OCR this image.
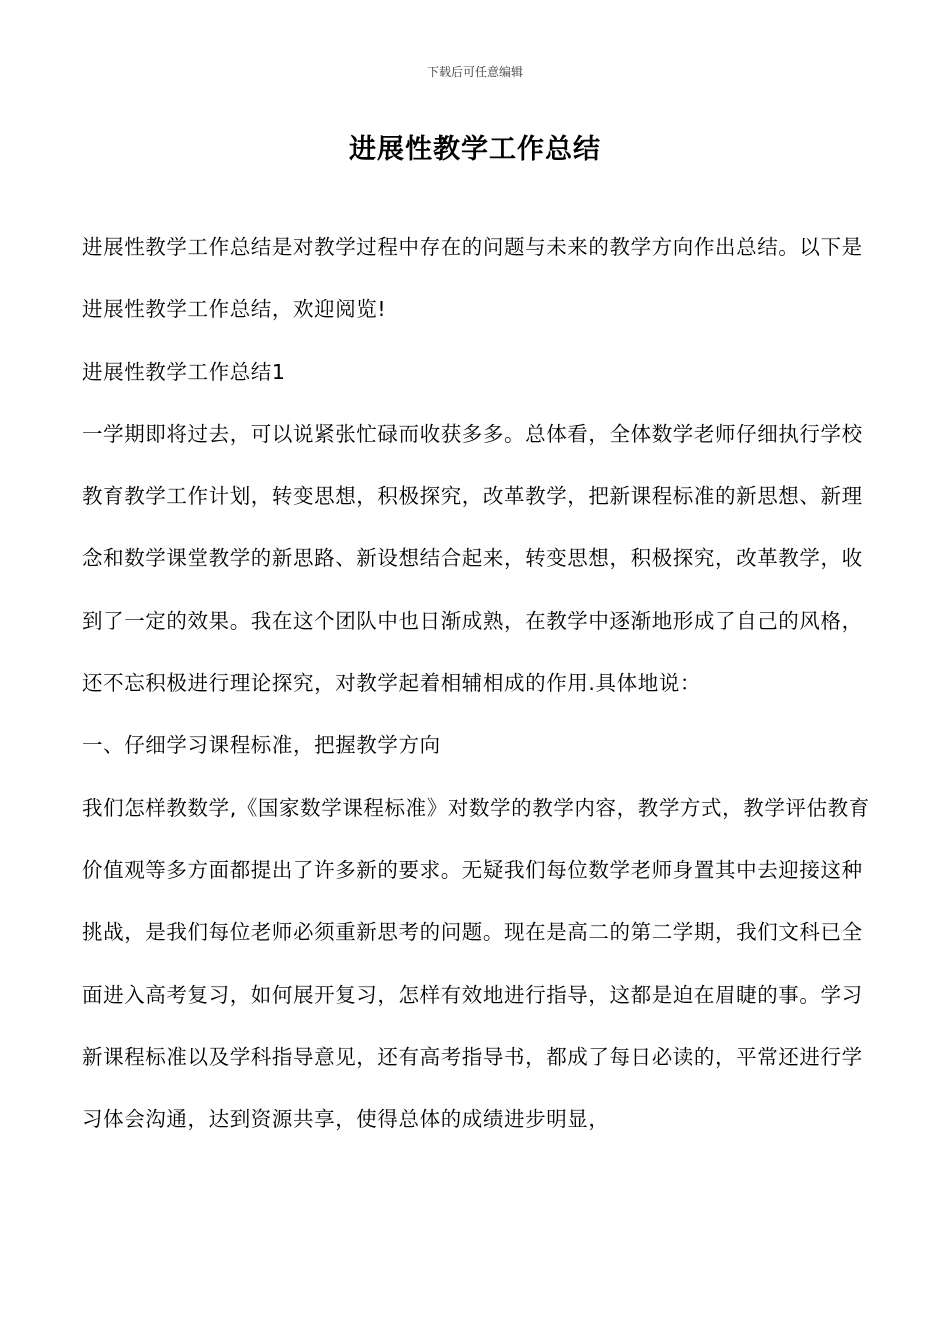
下载后可任意编辑
进展性教学工作总结

进展性教学工作总结是对教学过程中存在的问题与未来的教学方向作出总结。以下是进展性教学工作总结，欢迎阅览!

进展性教学工作总结1

一学期即将过去，可以说紧张忙碌而收获多多。总体看，全体数学老师仔细执行学校教育教学工作计划，转变思想，积极探究，改革教学，把新课程标准的新思想、新理念和数学课堂教学的新思路、新设想结合起来，转变思想，积极探究，改革教学，收到了一定的效果。我在这个团队中也日渐成熟，在教学中逐渐地形成了自己的风格，还不忘积极进行理论探究，对教学起着相辅相成的作用.具体地说：

一、仔细学习课程标准，把握教学方向

我们怎样教数学,《国家数学课程标准》对数学的教学内容，教学方式，教学评估教育价值观等多方面都提出了许多新的要求。无疑我们每位数学老师身置其中去迎接这种挑战，是我们每位老师必须重新思考的问题。现在是高二的第二学期，我们文科已全面进入高考复习，如何展开复习，怎样有效地进行指导，这都是迫在眉睫的事。学习新课程标准以及学科指导意见，还有高考指导书，都成了每日必读的，平常还进行学习体会沟通，达到资源共享，使得总体的成绩进步明显，
